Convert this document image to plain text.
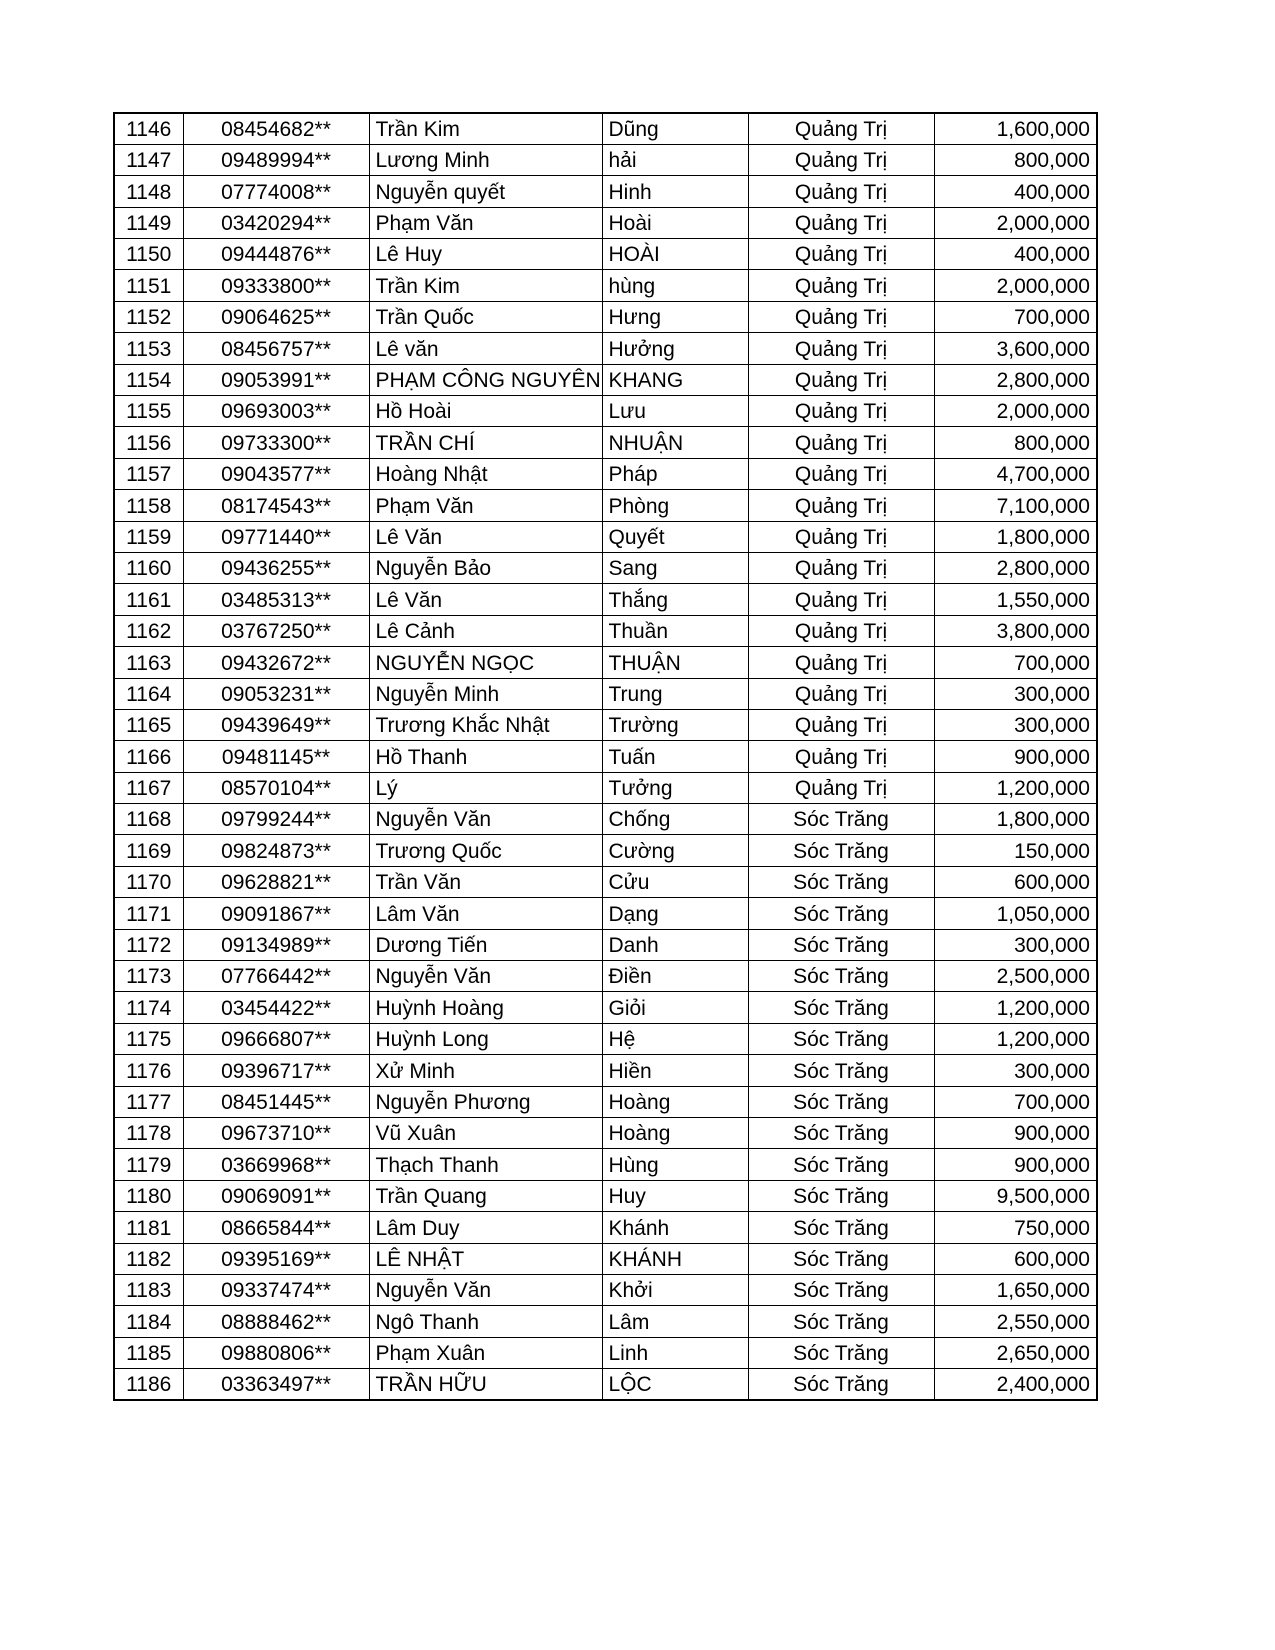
1146	08454682**	Trần Kim	Dũng	Quảng Trị	1,600,000
1147	09489994**	Lương Minh	hải	Quảng Trị	800,000
1148	07774008**	Nguyễn quyết	Hinh	Quảng Trị	400,000
1149	03420294**	Phạm Văn	Hoài	Quảng Trị	2,000,000
1150	09444876**	Lê Huy	HOÀI	Quảng Trị	400,000
1151	09333800**	Trần Kim	hùng	Quảng Trị	2,000,000
1152	09064625**	Trần Quốc	Hưng	Quảng Trị	700,000
1153	08456757**	Lê văn	Hưởng	Quảng Trị	3,600,000
1154	09053991**	PHẠM CÔNG NGUYÊN	KHANG	Quảng Trị	2,800,000
1155	09693003**	Hồ Hoài	Lưu	Quảng Trị	2,000,000
1156	09733300**	TRẦN CHÍ	NHUẬN	Quảng Trị	800,000
1157	09043577**	Hoàng Nhật	Pháp	Quảng Trị	4,700,000
1158	08174543**	Phạm Văn	Phòng	Quảng Trị	7,100,000
1159	09771440**	Lê Văn	Quyết	Quảng Trị	1,800,000
1160	09436255**	Nguyễn Bảo	Sang	Quảng Trị	2,800,000
1161	03485313**	Lê Văn	Thắng	Quảng Trị	1,550,000
1162	03767250**	Lê Cảnh	Thuần	Quảng Trị	3,800,000
1163	09432672**	NGUYỄN NGỌC	THUẬN	Quảng Trị	700,000
1164	09053231**	Nguyễn Minh	Trung	Quảng Trị	300,000
1165	09439649**	Trương Khắc Nhật	Trường	Quảng Trị	300,000
1166	09481145**	Hồ Thanh	Tuấn	Quảng Trị	900,000
1167	08570104**	Lý	Tưởng	Quảng Trị	1,200,000
1168	09799244**	Nguyễn Văn	Chống	Sóc Trăng	1,800,000
1169	09824873**	Trương Quốc	Cường	Sóc Trăng	150,000
1170	09628821**	Trần Văn	Cửu	Sóc Trăng	600,000
1171	09091867**	Lâm Văn	Dạng	Sóc Trăng	1,050,000
1172	09134989**	Dương Tiến	Danh	Sóc Trăng	300,000
1173	07766442**	Nguyễn Văn	Điền	Sóc Trăng	2,500,000
1174	03454422**	Huỳnh Hoàng	Giỏi	Sóc Trăng	1,200,000
1175	09666807**	Huỳnh Long	Hệ	Sóc Trăng	1,200,000
1176	09396717**	Xử Minh	Hiền	Sóc Trăng	300,000
1177	08451445**	Nguyễn Phương	Hoàng	Sóc Trăng	700,000
1178	09673710**	Vũ Xuân	Hoàng	Sóc Trăng	900,000
1179	03669968**	Thạch Thanh	Hùng	Sóc Trăng	900,000
1180	09069091**	Trần Quang	Huy	Sóc Trăng	9,500,000
1181	08665844**	Lâm Duy	Khánh	Sóc Trăng	750,000
1182	09395169**	LÊ NHẬT	KHÁNH	Sóc Trăng	600,000
1183	09337474**	Nguyễn Văn	Khởi	Sóc Trăng	1,650,000
1184	08888462**	Ngô Thanh	Lâm	Sóc Trăng	2,550,000
1185	09880806**	Phạm Xuân	Linh	Sóc Trăng	2,650,000
1186	03363497**	TRẦN HỮU	LỘC	Sóc Trăng	2,400,000
